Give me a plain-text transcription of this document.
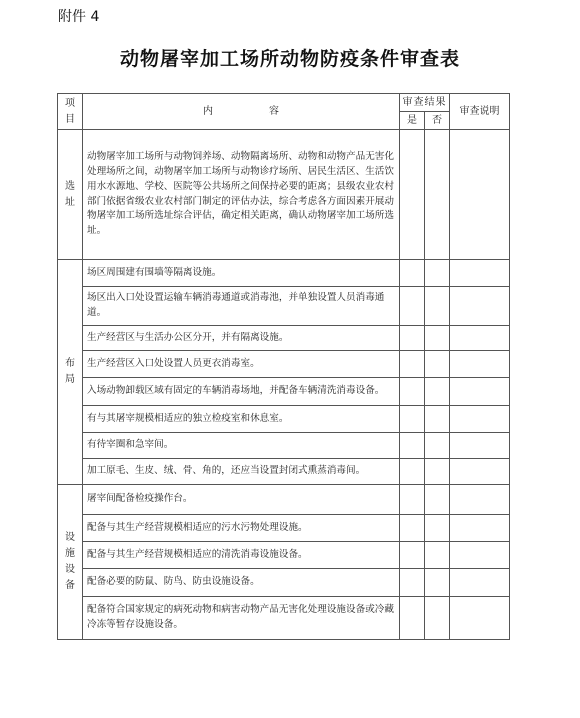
附件 4
动物屠宰加工场所动物防疫条件审查表
项
目	内容	审查结果		审查说明
		是	否	
选
址	动物屠宰加工场所与动物饲养场、动物隔离场所、动物和动物产品无害化处理场所之间，动物屠宰加工场所与动物诊疗场所、居民生活区、生活饮用水水源地、学校、医院等公共场所之间保持必要的距离；县级农业农村部门依据省级农业农村部门制定的评估办法，综合考虑各方面因素开展动物屠宰加工场所选址综合评估，确定相关距离，确认动物屠宰加工场所选址。			
布
局	场区周围建有围墙等隔离设施。			
	场区出入口处设置运输车辆消毒通道或消毒池，并单独设置人员消毒通道。			
	生产经营区与生活办公区分开，并有隔离设施。			
	生产经营区入口处设置人员更衣消毒室。			
	入场动物卸载区域有固定的车辆消毒场地，并配备车辆清洗消毒设备。			
	有与其屠宰规模相适应的独立检疫室和休息室。			
	有待宰圈和急宰间。			
	加工原毛、生皮、绒、骨、角的，还应当设置封闭式熏蒸消毒间。			
设
施
设
备	屠宰间配备检疫操作台。			
	配备与其生产经营规模相适应的污水污物处理设施。			
	配备与其生产经营规模相适应的清洗消毒设施设备。			
	配备必要的防鼠、防鸟、防虫设施设备。			
	配备符合国家规定的病死动物和病害动物产品无害化处理设施设备或冷藏冷冻等暂存设施设备。			
